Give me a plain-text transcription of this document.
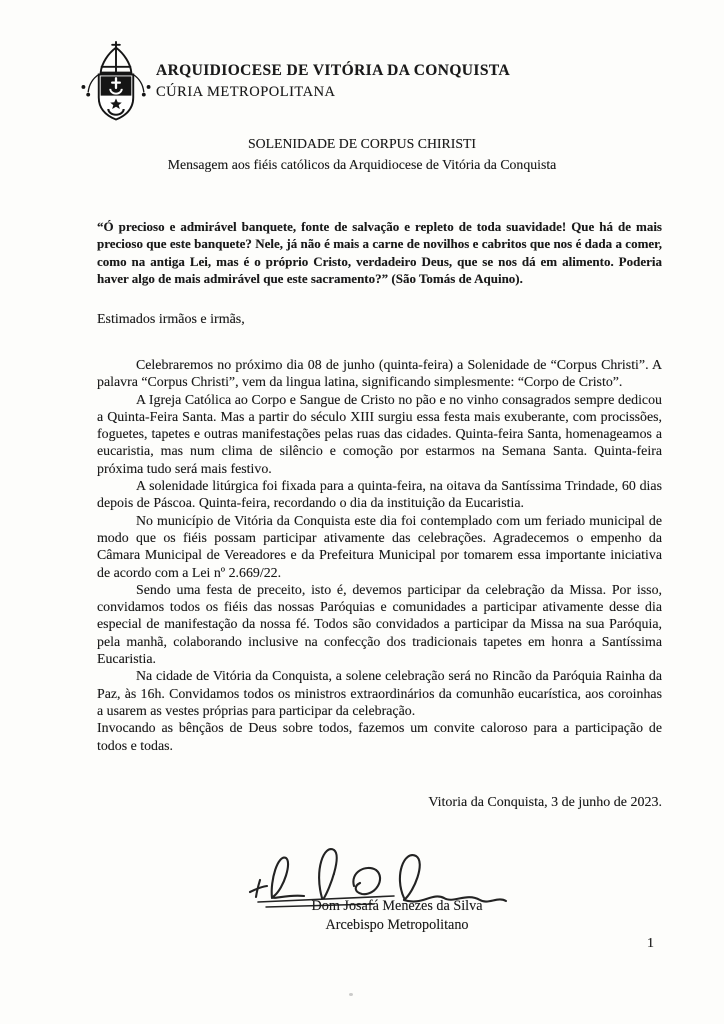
ARQUIDIOCESE DE VITÓRIA DA CONQUISTA
CÚRIA METROPOLITANA
SOLENIDADE DE CORPUS CHIRISTI
Mensagem aos fiéis católicos da Arquidiocese de Vitória da Conquista
“Ó precioso e admirável banquete, fonte de salvação e repleto de toda suavidade! Que há de mais precioso que este banquete? Nele, já não é mais a carne de novilhos e cabritos que nos é dada a comer, como na antiga Lei, mas é o próprio Cristo, verdadeiro Deus, que se nos dá em alimento. Poderia haver algo de mais admirável que este sacramento?” (São Tomás de Aquino).
Estimados irmãos e irmãs,

Celebraremos no próximo dia 08 de junho (quinta-feira) a Solenidade de “Corpus Christi”. A palavra “Corpus Christi”, vem da lingua latina, significando simplesmente: “Corpo de Cristo”.

A Igreja Católica ao Corpo e Sangue de Cristo no pão e no vinho consagrados sempre dedicou a Quinta-Feira Santa. Mas a partir do século XIII surgiu essa festa mais exuberante, com procissões, foguetes, tapetes e outras manifestações pelas ruas das cidades. Quinta-feira Santa, homenageamos a eucaristia, mas num clima de silêncio e comoção por estarmos na Semana Santa. Quinta-feira próxima tudo será mais festivo.

A solenidade litúrgica foi fixada para a quinta-feira, na oitava da Santíssima Trindade, 60 dias depois de Páscoa. Quinta-feira, recordando o dia da instituição da Eucaristia.

No município de Vitória da Conquista este dia foi contemplado com um feriado municipal de modo que os fiéis possam participar ativamente das celebrações. Agradecemos o empenho da Câmara Municipal de Vereadores e da Prefeitura Municipal por tomarem essa importante iniciativa de acordo com a Lei nº 2.669/22.

Sendo uma festa de preceito, isto é, devemos participar da celebração da Missa. Por isso, convidamos todos os fiéis das nossas Paróquias e comunidades a participar ativamente desse dia especial de manifestação da nossa fé. Todos são convidados a participar da Missa na sua Paróquia, pela manhã, colaborando inclusive na confecção dos tradicionais tapetes em honra a Santíssima Eucaristia.

Na cidade de Vitória da Conquista, a solene celebração será no Rincão da Paróquia Rainha da Paz, às 16h. Convidamos todos os ministros extraordinários da comunhão eucarística, aos coroinhas a usarem as vestes próprias para participar da celebração.

Invocando as bênçãos de Deus sobre todos, fazemos um convite caloroso para a participação de todos e todas.

Vitoria da Conquista, 3 de junho de 2023.
Dom Josafá Menezes da Silva
Arcebispo Metropolitano
1
